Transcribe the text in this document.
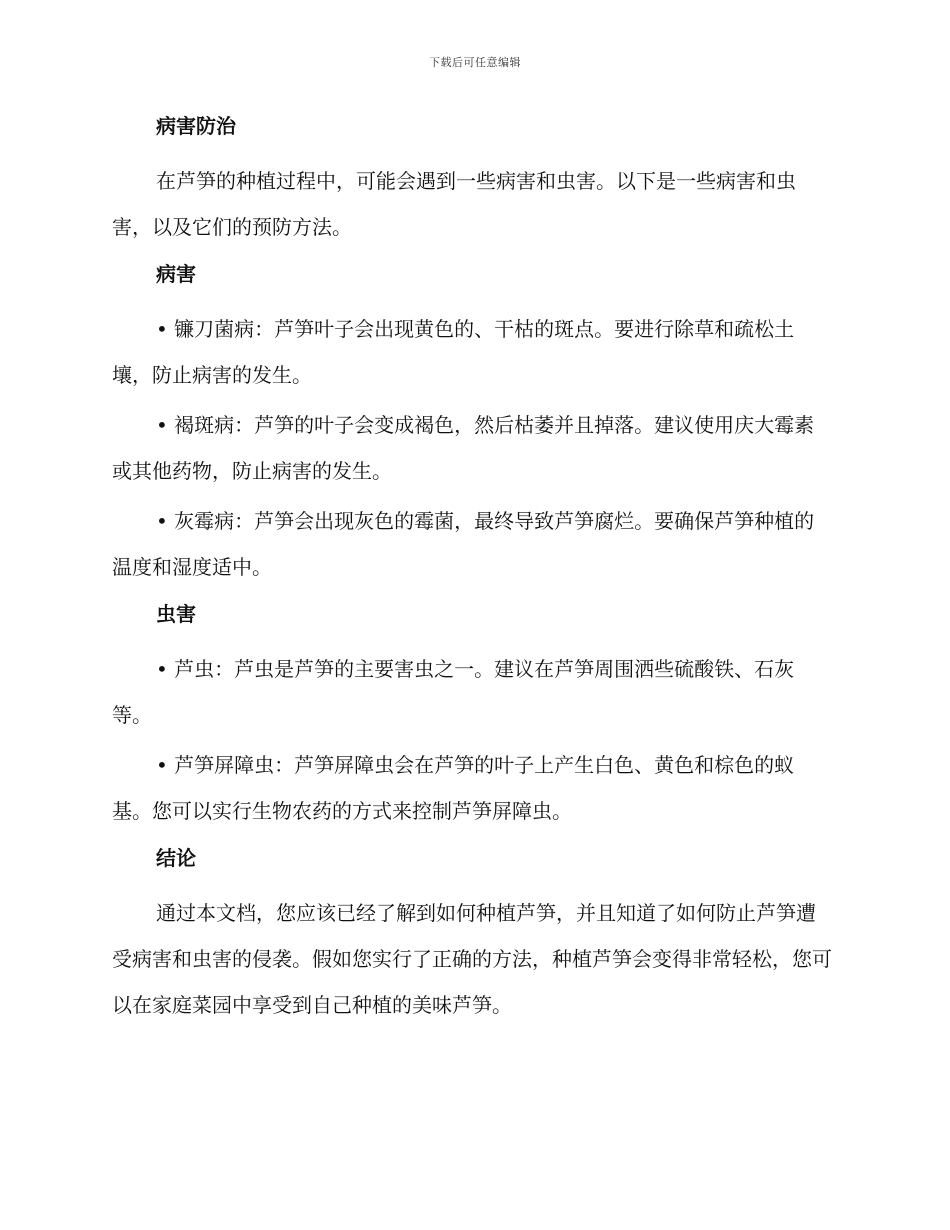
下载后可任意编辑
病害防治
在芦笋的种植过程中，可能会遇到一些病害和虫害。以下是一些病害和虫害，以及它们的预防方法。
病害
• 镰刀菌病：芦笋叶子会出现黄色的、干枯的斑点。要进行除草和疏松土壤，防止病害的发生。
• 褐斑病：芦笋的叶子会变成褐色，然后枯萎并且掉落。建议使用庆大霉素或其他药物，防止病害的发生。
• 灰霉病：芦笋会出现灰色的霉菌，最终导致芦笋腐烂。要确保芦笋种植的温度和湿度适中。
虫害
• 芦虫：芦虫是芦笋的主要害虫之一。建议在芦笋周围洒些硫酸铁、石灰等。
• 芦笋屏障虫：芦笋屏障虫会在芦笋的叶子上产生白色、黄色和棕色的蚁基。您可以实行生物农药的方式来控制芦笋屏障虫。
结论
通过本文档，您应该已经了解到如何种植芦笋，并且知道了如何防止芦笋遭受病害和虫害的侵袭。假如您实行了正确的方法，种植芦笋会变得非常轻松，您可以在家庭菜园中享受到自己种植的美味芦笋。
